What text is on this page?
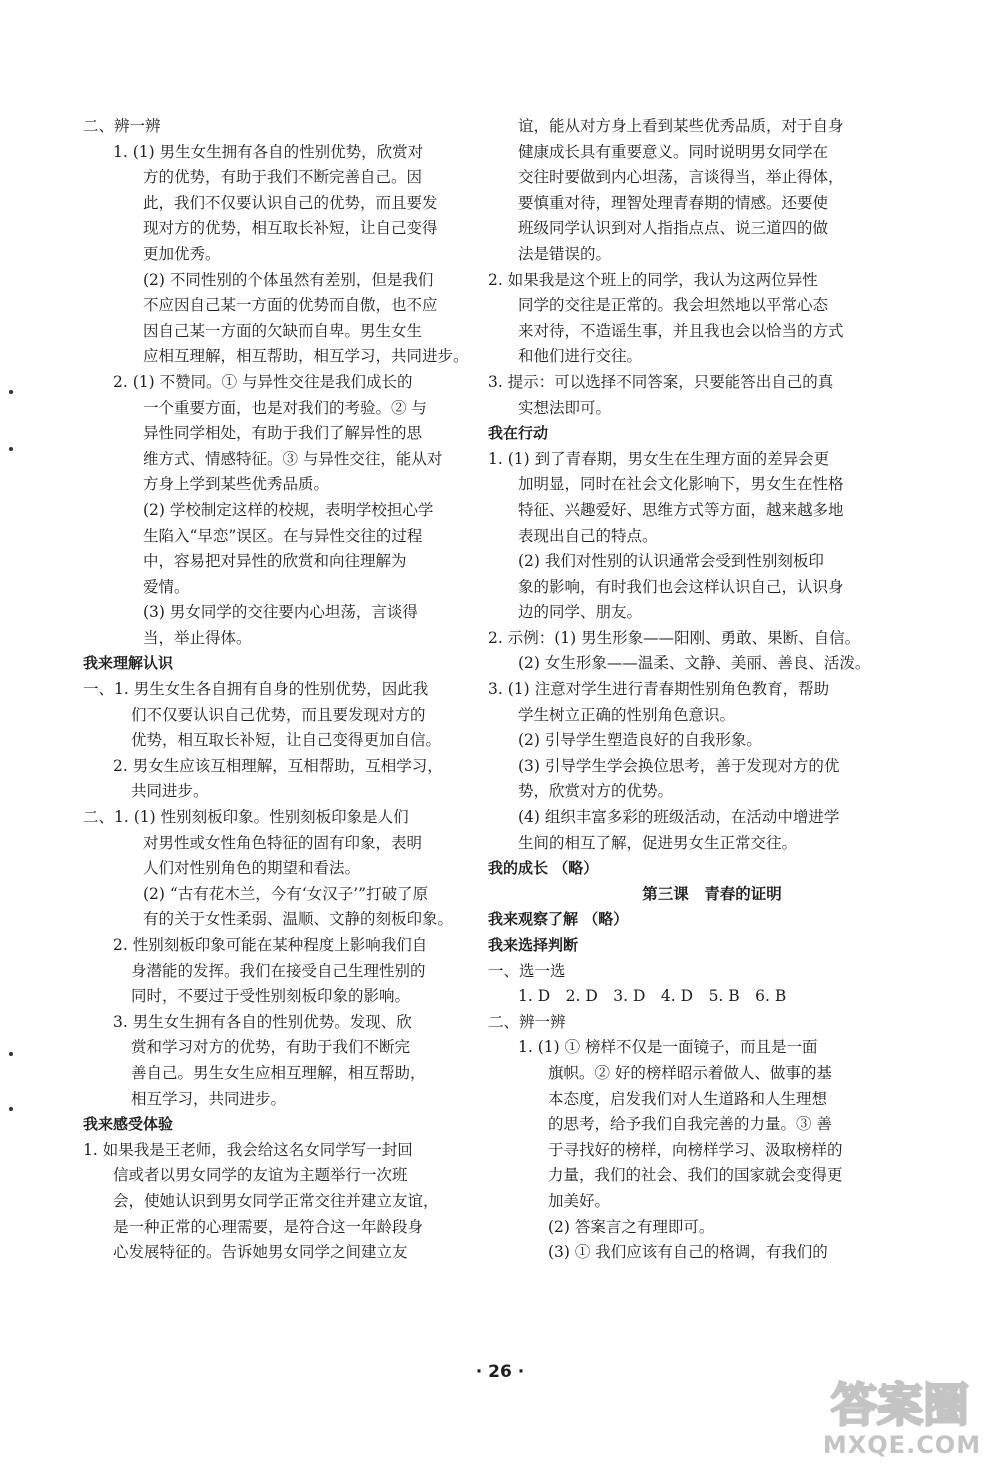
二、辨一辨
1. (1) 男生女生拥有各自的性别优势，欣赏对
方的优势，有助于我们不断完善自己。因
此，我们不仅要认识自己的优势，而且要发
现对方的优势，相互取长补短，让自己变得
更加优秀。
(2) 不同性别的个体虽然有差别，但是我们
不应因自己某一方面的优势而自傲，也不应
因自己某一方面的欠缺而自卑。男生女生
应相互理解，相互帮助，相互学习，共同进步。
2. (1) 不赞同。① 与异性交往是我们成长的
一个重要方面，也是对我们的考验。② 与
异性同学相处，有助于我们了解异性的思
维方式、情感特征。③ 与异性交往，能从对
方身上学到某些优秀品质。
(2) 学校制定这样的校规，表明学校担心学
生陷入“早恋”误区。在与异性交往的过程
中，容易把对异性的欣赏和向往理解为
爱情。
(3) 男女同学的交往要内心坦荡，言谈得
当，举止得体。
我来理解认识
一、1. 男生女生各自拥有自身的性别优势，因此我
们不仅要认识自己优势，而且要发现对方的
优势，相互取长补短，让自己变得更加自信。
2. 男女生应该互相理解，互相帮助，互相学习，
共同进步。
二、1. (1) 性别刻板印象。性别刻板印象是人们
对男性或女性角色特征的固有印象，表明
人们对性别角色的期望和看法。
(2) “古有花木兰，今有‘女汉子’”打破了原
有的关于女性柔弱、温顺、文静的刻板印象。
2. 性别刻板印象可能在某种程度上影响我们自
身潜能的发挥。我们在接受自己生理性别的
同时，不要过于受性别刻板印象的影响。
3. 男生女生拥有各自的性别优势。发现、欣
赏和学习对方的优势，有助于我们不断完
善自己。男生女生应相互理解，相互帮助，
相互学习，共同进步。
我来感受体验
1. 如果我是王老师，我会给这名女同学写一封回
信或者以男女同学的友谊为主题举行一次班
会，使她认识到男女同学正常交往并建立友谊，
是一种正常的心理需要，是符合这一年龄段身
心发展特征的。告诉她男女同学之间建立友
谊，能从对方身上看到某些优秀品质，对于自身
健康成长具有重要意义。同时说明男女同学在
交往时要做到内心坦荡，言谈得当，举止得体，
要慎重对待，理智处理青春期的情感。还要使
班级同学认识到对人指指点点、说三道四的做
法是错误的。
2. 如果我是这个班上的同学，我认为这两位异性
同学的交往是正常的。我会坦然地以平常心态
来对待，不造谣生事，并且我也会以恰当的方式
和他们进行交往。
3. 提示：可以选择不同答案，只要能答出自己的真
实想法即可。
我在行动
1. (1) 到了青春期，男女生在生理方面的差异会更
加明显，同时在社会文化影响下，男女生在性格
特征、兴趣爱好、思维方式等方面，越来越多地
表现出自己的特点。
(2) 我们对性别的认识通常会受到性别刻板印
象的影响，有时我们也会这样认识自己，认识身
边的同学、朋友。
2. 示例：(1) 男生形象——阳刚、勇敢、果断、自信。
(2) 女生形象——温柔、文静、美丽、善良、活泼。
3. (1) 注意对学生进行青春期性别角色教育，帮助
学生树立正确的性别角色意识。
(2) 引导学生塑造良好的自我形象。
(3) 引导学生学会换位思考，善于发现对方的优
势，欣赏对方的优势。
(4) 组织丰富多彩的班级活动，在活动中增进学
生间的相互了解，促进男女生正常交往。
我的成长 （略）
第三课　青春的证明
我来观察了解 （略）
我来选择判断
一、选一选
1. D　2. D　3. D　4. D　5. B　6. B
二、辨一辨
1. (1) ① 榜样不仅是一面镜子，而且是一面
旗帜。② 好的榜样昭示着做人、做事的基
本态度，启发我们对人生道路和人生理想
的思考，给予我们自我完善的力量。③ 善
于寻找好的榜样，向榜样学习、汲取榜样的
力量，我们的社会、我们的国家就会变得更
加美好。
(2) 答案言之有理即可。
(3) ① 我们应该有自己的格调，有我们的
· 26 ·
答案圈
MXQE.COM
